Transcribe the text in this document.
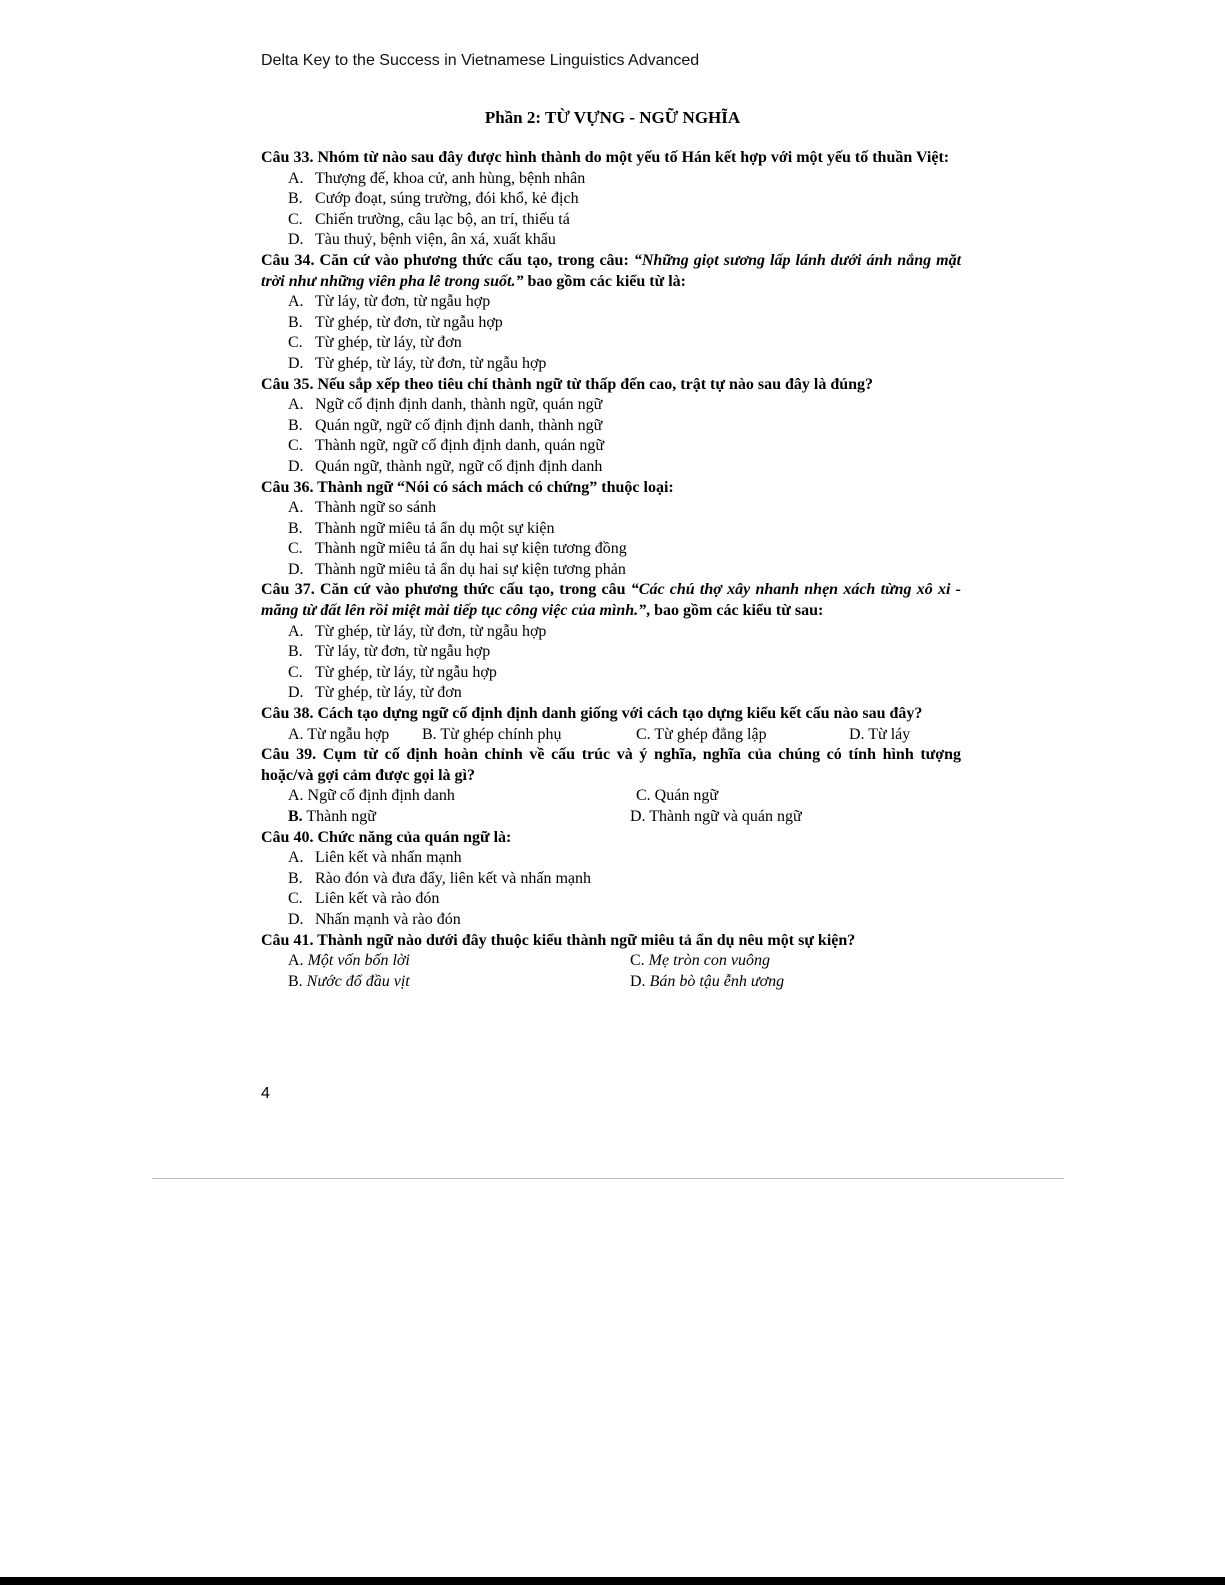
Delta Key to the Success in Vietnamese Linguistics Advanced
Phần 2: TỪ VỰNG - NGỮ NGHĨA
Câu 33. Nhóm từ nào sau đây được hình thành do một yếu tố Hán kết hợp với một yếu tố thuần Việt:
A. Thượng đế, khoa cử, anh hùng, bệnh nhân
B. Cướp đoạt, súng trường, đói khổ, kẻ địch
C. Chiến trường, câu lạc bộ, an trí, thiếu tá
D. Tàu thuỷ, bệnh viện, ân xá, xuất khẩu
Câu 34. Căn cứ vào phương thức cấu tạo, trong câu: “Những giọt sương lấp lánh dưới ánh nắng mặt trời như những viên pha lê trong suốt.” bao gồm các kiểu từ là:
A. Từ láy, từ đơn, từ ngẫu hợp
B. Từ ghép, từ đơn, từ ngẫu hợp
C. Từ ghép, từ láy, từ đơn
D. Từ ghép, từ láy, từ đơn, từ ngẫu hợp
Câu 35. Nếu sắp xếp theo tiêu chí thành ngữ từ thấp đến cao, trật tự nào sau đây là đúng?
A. Ngữ cố định định danh, thành ngữ, quán ngữ
B. Quán ngữ, ngữ cố định định danh, thành ngữ
C. Thành ngữ, ngữ cố định định danh, quán ngữ
D. Quán ngữ, thành ngữ, ngữ cố định định danh
Câu 36. Thành ngữ “Nói có sách mách có chứng” thuộc loại:
A. Thành ngữ so sánh
B. Thành ngữ miêu tả ẩn dụ một sự kiện
C. Thành ngữ miêu tả ẩn dụ hai sự kiện tương đồng
D. Thành ngữ miêu tả ẩn dụ hai sự kiện tương phản
Câu 37. Căn cứ vào phương thức cấu tạo, trong câu “Các chú thợ xây nhanh nhẹn xách từng xô xi - măng từ đất lên rồi miệt mài tiếp tục công việc của mình.”, bao gồm các kiểu từ sau:
A. Từ ghép, từ láy, từ đơn, từ ngẫu hợp
B. Từ láy, từ đơn, từ ngẫu hợp
C. Từ ghép, từ láy, từ ngẫu hợp
D. Từ ghép, từ láy, từ đơn
Câu 38. Cách tạo dựng ngữ cố định định danh giống với cách tạo dựng kiểu kết cấu nào sau đây?
A. Từ ngẫu hợp B. Từ ghép chính phụ	C. Từ ghép đẳng lập	D. Từ láy
Câu 39. Cụm từ cố định hoàn chỉnh về cấu trúc và ý nghĩa, nghĩa của chúng có tính hình tượng hoặc/và gợi cảm được gọi là gì?
A. Ngữ cố định định danh	C. Quán ngữ
B. Thành ngữ	D. Thành ngữ và quán ngữ
Câu 40. Chức năng của quán ngữ là:
A. Liên kết và nhấn mạnh
B. Rào đón và đưa đẩy, liên kết và nhấn mạnh
C. Liên kết và rào đón
D. Nhấn mạnh và rào đón
Câu 41. Thành ngữ nào dưới đây thuộc kiểu thành ngữ miêu tả ẩn dụ nêu một sự kiện?
A. Một vốn bốn lời	C. Mẹ tròn con vuông
B. Nước đổ đầu vịt	D. Bán bò tậu ễnh ương
4
